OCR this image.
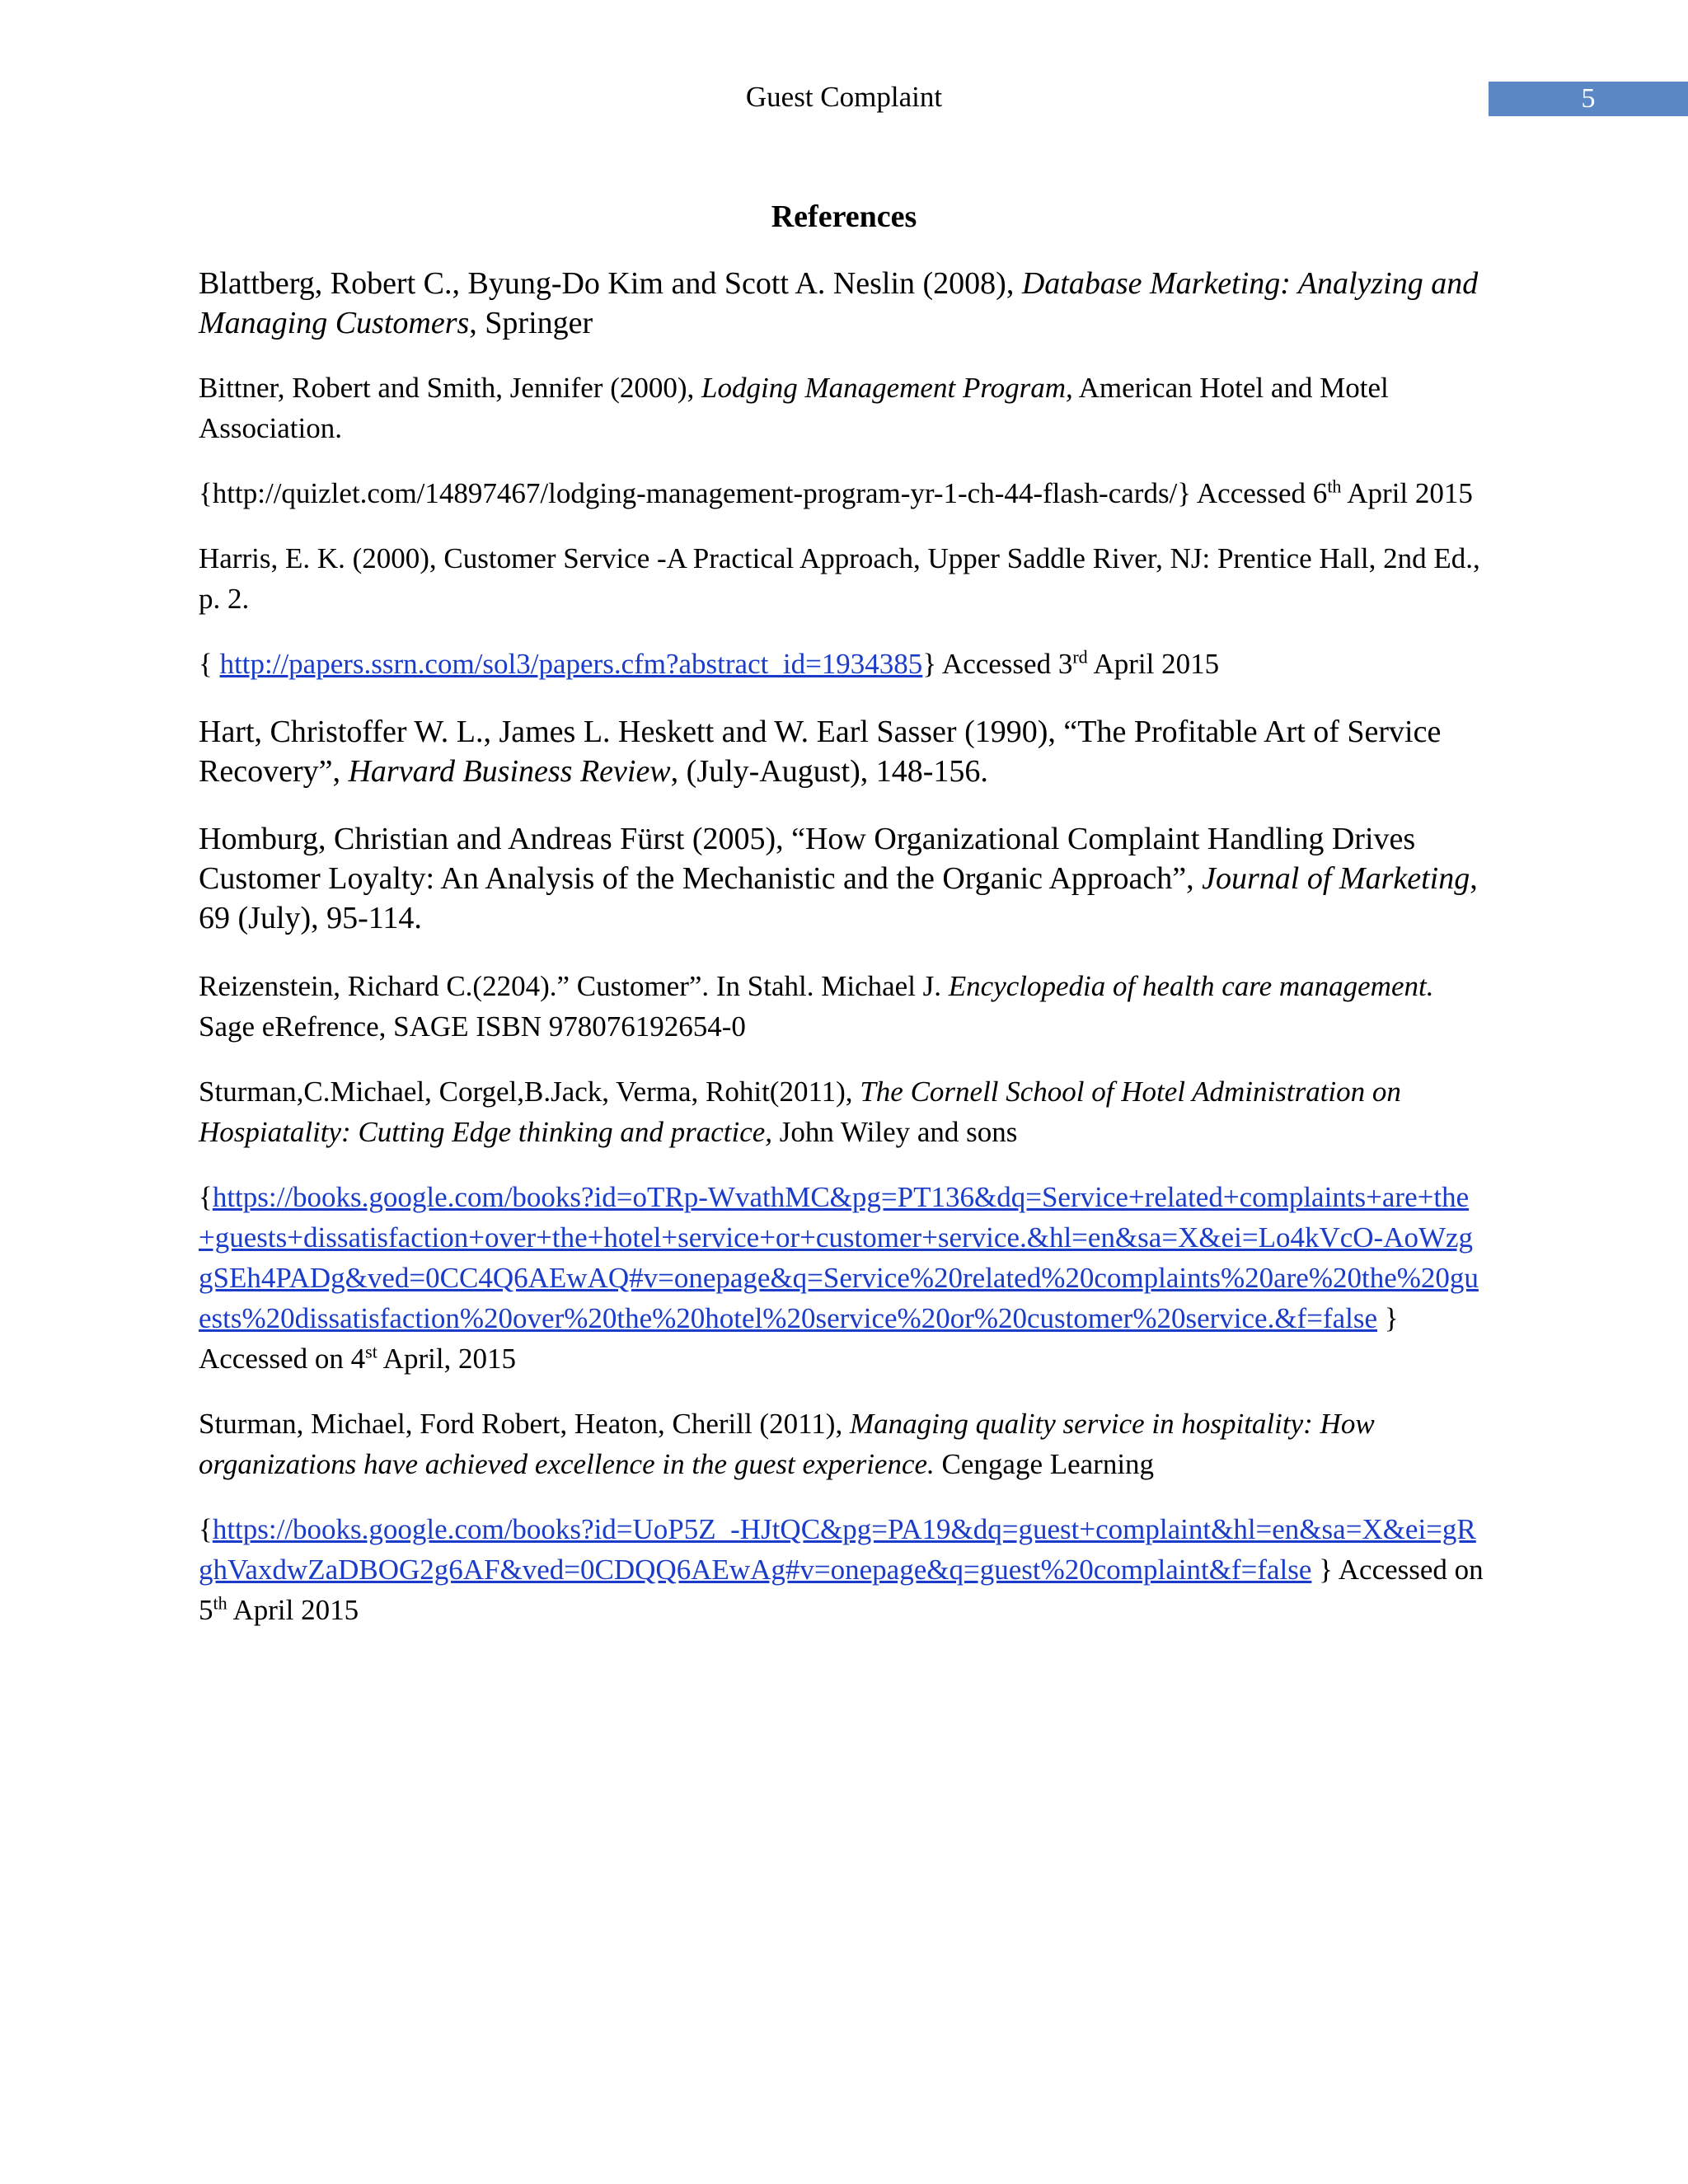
Guest Complaint	5
References

Blattberg, Robert C., Byung-Do Kim and Scott A. Neslin (2008), Database Marketing: Analyzing and Managing Customers, Springer

Bittner, Robert and Smith, Jennifer (2000), Lodging Management Program, American Hotel and Motel Association.

{http://quizlet.com/14897467/lodging-management-program-yr-1-ch-44-flash-cards/} Accessed 6th April 2015

Harris, E. K. (2000), Customer Service -A Practical Approach, Upper Saddle River, NJ: Prentice Hall, 2nd Ed., p. 2.

{ http://papers.ssrn.com/sol3/papers.cfm?abstract_id=1934385} Accessed 3rd April 2015

Hart, Christoffer W. L., James L. Heskett and W. Earl Sasser (1990), “The Profitable Art of Service Recovery”, Harvard Business Review, (July-August), 148-156.

Homburg, Christian and Andreas Fürst (2005), “How Organizational Complaint Handling Drives Customer Loyalty: An Analysis of the Mechanistic and the Organic Approach”, Journal of Marketing, 69 (July), 95-114.

Reizenstein, Richard C.(2204).” Customer”. In Stahl. Michael J. Encyclopedia of health care management. Sage eRefrence, SAGE ISBN 978076192654-0

Sturman,C.Michael, Corgel,B.Jack, Verma, Rohit(2011), The Cornell School of Hotel Administration on Hospiatality: Cutting Edge thinking and practice, John Wiley and sons

{https://books.google.com/books?id=oTRp-WvathMC&pg=PT136&dq=Service+related+complaints+are+the+guests+dissatisfaction+over+the+hotel+service+or+customer+service.&hl=en&sa=X&ei=Lo4kVcO-AoWzggSEh4PADg&ved=0CC4Q6AEwAQ#v=onepage&q=Service%20related%20complaints%20are%20the%20guests%20dissatisfaction%20over%20the%20hotel%20service%20or%20customer%20service.&f=false } Accessed on 4st April, 2015

Sturman, Michael, Ford Robert, Heaton, Cherill (2011), Managing quality service in hospitality: How organizations have achieved excellence in the guest experience. Cengage Learning

{https://books.google.com/books?id=UoP5Z_-HJtQC&pg=PA19&dq=guest+complaint&hl=en&sa=X&ei=gRghVaxdwZaDBOG2g6AF&ved=0CDQQ6AEwAg#v=onepage&q=guest%20complaint&f=false } Accessed on 5th April 2015
